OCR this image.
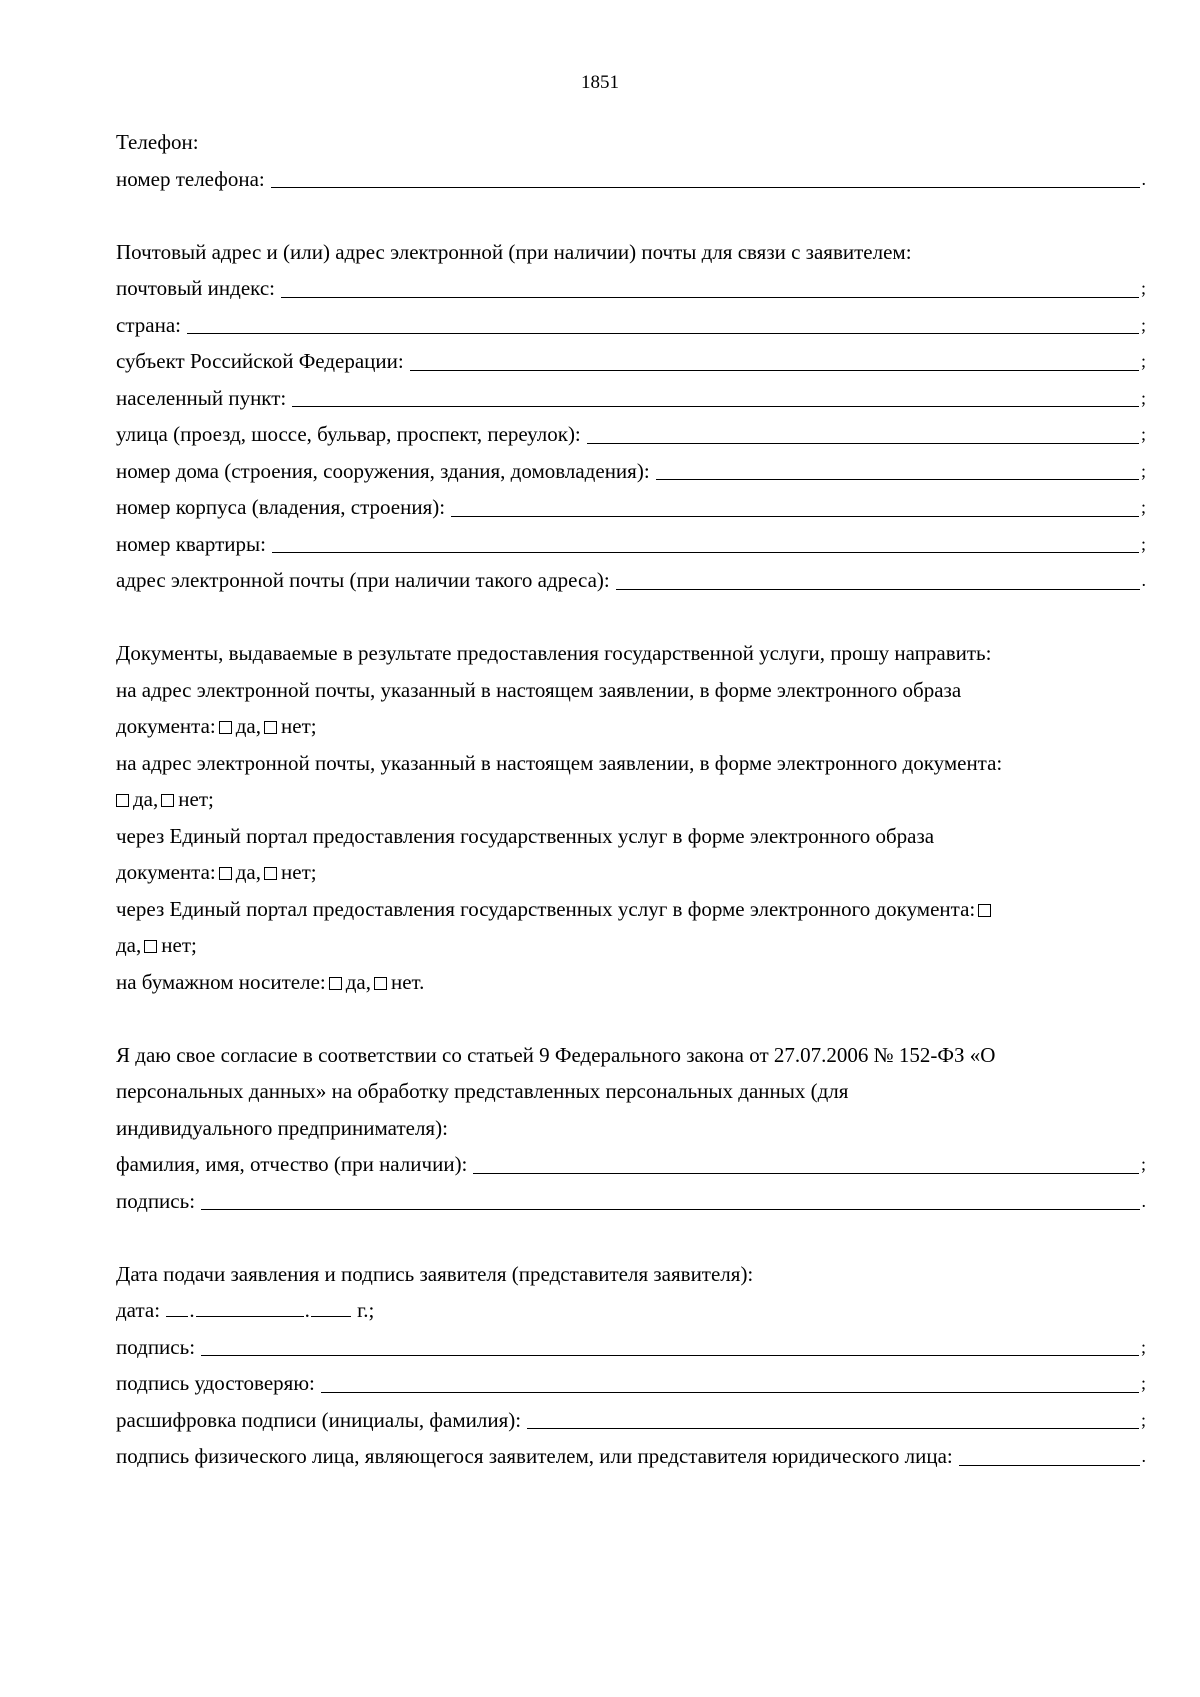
1851
Телефон:
номер телефона:	.
Почтовый адрес и (или) адрес электронной (при наличии) почты для связи с заявителем:
почтовый индекс:	;
страна:	;
субъект Российской Федерации:	;
населенный пункт:	;
улица (проезд, шоссе, бульвар, проспект, переулок):	;
номер дома (строения, сооружения, здания, домовладения):	;
номер корпуса (владения, строения):	;
номер квартиры:	;
адрес электронной почты (при наличии такого адреса):	.
Документы, выдаваемые в результате предоставления государственной услуги, прошу направить:
на адрес электронной почты, указанный в настоящем заявлении, в форме электронного образа
документа: да, нет;
на адрес электронной почты, указанный в настоящем заявлении, в форме электронного документа:
да, нет;
через Единый портал предоставления государственных услуг в форме электронного образа
документа: да, нет;
через Единый портал предоставления государственных услуг в форме электронного документа:
да, нет;
на бумажном носителе: да, нет.
Я даю свое согласие в соответствии со статьей 9 Федерального закона от 27.07.2006 № 152-ФЗ «О
персональных данных» на обработку представленных персональных данных (для
индивидуального предпринимателя):
фамилия, имя, отчество (при наличии):	;
подпись:	.
Дата подачи заявления и подпись заявителя (представителя заявителя):
дата: .	. г.;
подпись:	;
подпись удостоверяю:	;
расшифровка подписи (инициалы, фамилия):	;
подпись физического лица, являющегося заявителем, или представителя юридического лица:	.
